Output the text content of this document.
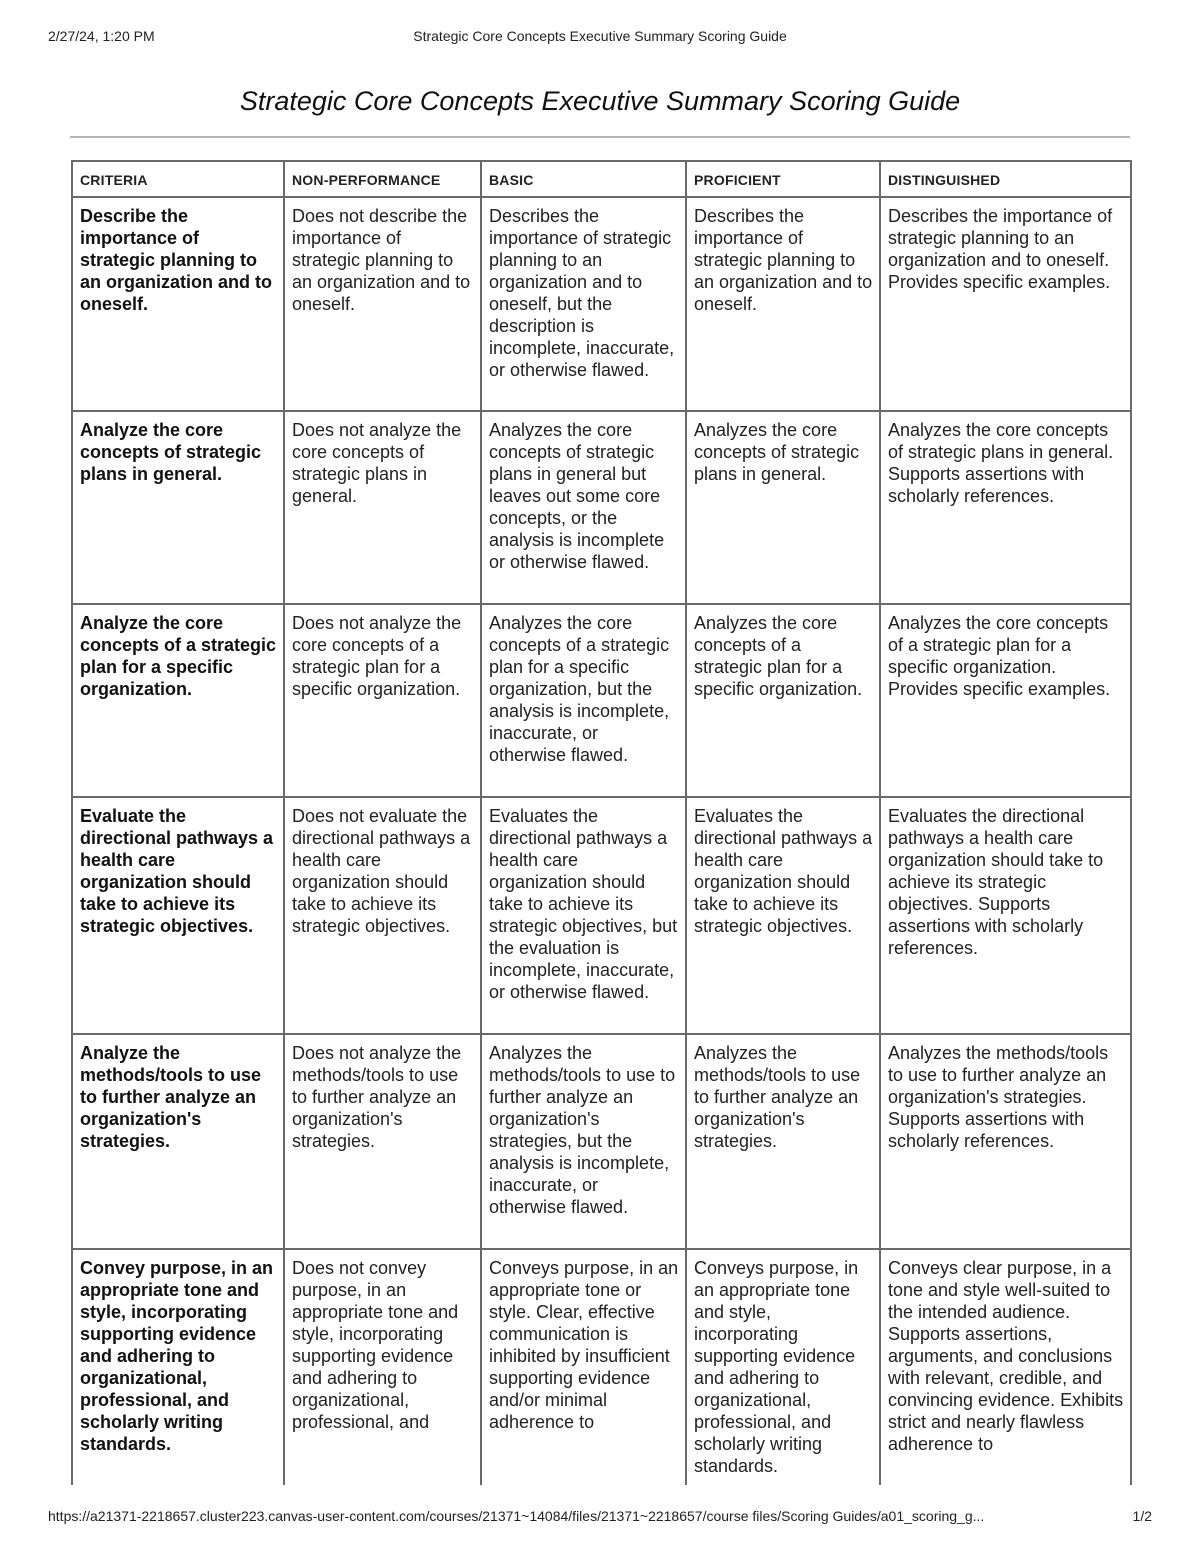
2/27/24, 1:20 PM	Strategic Core Concepts Executive Summary Scoring Guide
Strategic Core Concepts Executive Summary Scoring Guide
CRITERIA	NON-PERFORMANCE	BASIC	PROFICIENT	DISTINGUISHED
Describe the importance of strategic planning to an organization and to oneself.	Does not describe the importance of strategic planning to an organization and to oneself.	Describes the importance of strategic planning to an organization and to oneself, but the description is incomplete, inaccurate, or otherwise flawed.	Describes the importance of strategic planning to an organization and to oneself.	Describes the importance of strategic planning to an organization and to oneself. Provides specific examples.
Analyze the core concepts of strategic plans in general.	Does not analyze the core concepts of strategic plans in general.	Analyzes the core concepts of strategic plans in general but leaves out some core concepts, or the analysis is incomplete or otherwise flawed.	Analyzes the core concepts of strategic plans in general.	Analyzes the core concepts of strategic plans in general. Supports assertions with scholarly references.
Analyze the core concepts of a strategic plan for a specific organization.	Does not analyze the core concepts of a strategic plan for a specific organization.	Analyzes the core concepts of a strategic plan for a specific organization, but the analysis is incomplete, inaccurate, or otherwise flawed.	Analyzes the core concepts of a strategic plan for a specific organization.	Analyzes the core concepts of a strategic plan for a specific organization. Provides specific examples.
Evaluate the directional pathways a health care organization should take to achieve its strategic objectives.	Does not evaluate the directional pathways a health care organization should take to achieve its strategic objectives.	Evaluates the directional pathways a health care organization should take to achieve its strategic objectives, but the evaluation is incomplete, inaccurate, or otherwise flawed.	Evaluates the directional pathways a health care organization should take to achieve its strategic objectives.	Evaluates the directional pathways a health care organization should take to achieve its strategic objectives. Supports assertions with scholarly references.
Analyze the methods/tools to use to further analyze an organization's strategies.	Does not analyze the methods/tools to use to further analyze an organization's strategies.	Analyzes the methods/tools to use to further analyze an organization's strategies, but the analysis is incomplete, inaccurate, or otherwise flawed.	Analyzes the methods/tools to use to further analyze an organization's strategies.	Analyzes the methods/tools to use to further analyze an organization's strategies. Supports assertions with scholarly references.
Convey purpose, in an appropriate tone and style, incorporating supporting evidence and adhering to organizational, professional, and scholarly writing standards.	Does not convey purpose, in an appropriate tone and style, incorporating supporting evidence and adhering to organizational, professional, and	Conveys purpose, in an appropriate tone or style. Clear, effective communication is inhibited by insufficient supporting evidence and/or minimal adherence to	Conveys purpose, in an appropriate tone and style, incorporating supporting evidence and adhering to organizational, professional, and scholarly writing standards.	Conveys clear purpose, in a tone and style well-suited to the intended audience. Supports assertions, arguments, and conclusions with relevant, credible, and convincing evidence. Exhibits strict and nearly flawless adherence to
https://a21371-2218657.cluster223.canvas-user-content.com/courses/21371~14084/files/21371~2218657/course files/Scoring Guides/a01_scoring_g...	1/2
